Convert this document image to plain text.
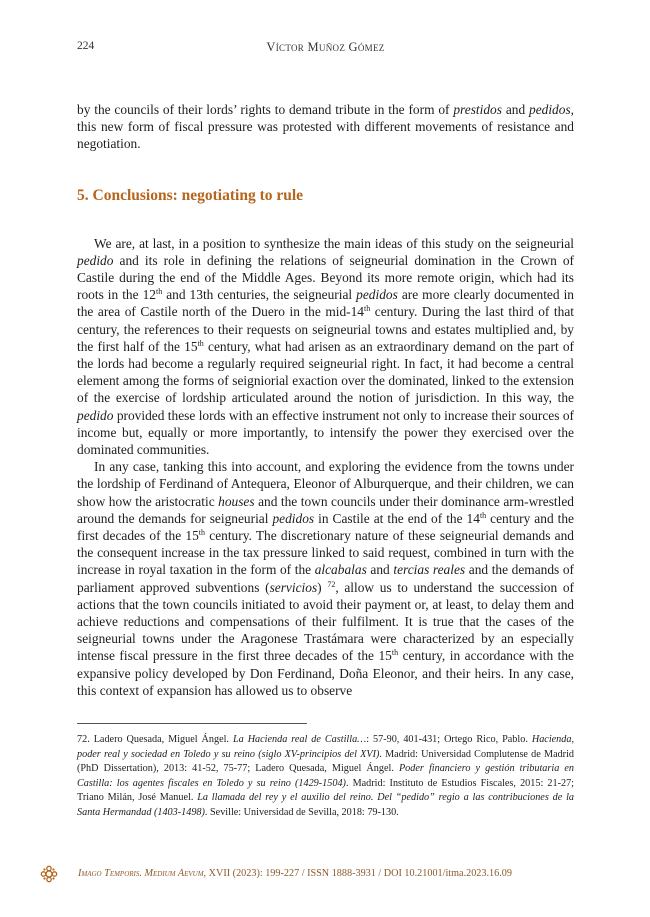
224	Víctor Muñoz Gómez

by the councils of their lords’ rights to demand tribute in the form of prestidos and pedidos, this new form of fiscal pressure was protested with different movements of resistance and negotiation.

5. Conclusions: negotiating to rule

We are, at last, in a position to synthesize the main ideas of this study on the seigneurial pedido and its role in defining the relations of seigneurial domination in the Crown of Castile during the end of the Middle Ages. Beyond its more remote origin, which had its roots in the 12th and 13th centuries, the seigneurial pedidos are more clearly documented in the area of Castile north of the Duero in the mid-14th century. During the last third of that century, the references to their requests on seigneurial towns and estates multiplied and, by the first half of the 15th century, what had arisen as an extraordinary demand on the part of the lords had become a regularly required seigneurial right. In fact, it had become a central element among the forms of seigniorial exaction over the dominated, linked to the extension of the exercise of lordship articulated around the notion of jurisdiction. In this way, the pedido provided these lords with an effective instrument not only to increase their sources of income but, equally or more importantly, to intensify the power they exercised over the dominated communities.

In any case, tanking this into account, and exploring the evidence from the towns under the lordship of Ferdinand of Antequera, Eleonor of Alburquerque, and their children, we can show how the aristocratic houses and the town councils under their dominance arm-wrestled around the demands for seigneurial pedidos in Castile at the end of the 14th century and the first decades of the 15th century. The discretionary nature of these seigneurial demands and the consequent increase in the tax pressure linked to said request, combined in turn with the increase in royal taxation in the form of the alcabalas and tercias reales and the demands of parliament approved subventions (servicios) $^{72}$, allow us to understand the succession of actions that the town councils initiated to avoid their payment or, at least, to delay them and achieve reductions and compensations of their fulfilment. It is true that the cases of the seigneurial towns under the Aragonese Trastámara were characterized by an especially intense fiscal pressure in the first three decades of the 15th century, in accordance with the expansive policy developed by Don Ferdinand, Doña Eleonor, and their heirs. In any case, this context of expansion has allowed us to observe

72. Ladero Quesada, Miguel Ángel. La Hacienda real de Castilla…: 57-90, 401-431; Ortego Rico, Pablo. Hacienda, poder real y sociedad en Toledo y su reino (siglo XV-principios del XVI). Madrid: Universidad Complutense de Madrid (PhD Dissertation), 2013: 41-52, 75-77; Ladero Quesada, Miguel Ángel. Poder financiero y gestión tributaria en Castilla: los agentes fiscales en Toledo y su reino (1429-1504). Madrid: Instituto de Estudios Fiscales, 2015: 21-27; Triano Milán, José Manuel. La llamada del rey y el auxilio del reino. Del “pedido” regio a las contribuciones de la Santa Hermandad (1403-1498). Seville: Universidad de Sevilla, 2018: 79-130.
Imago Temporis. Medium Aevum, XVII (2023): 199-227 / ISSN 1888-3931 / DOI 10.21001/itma.2023.16.09
